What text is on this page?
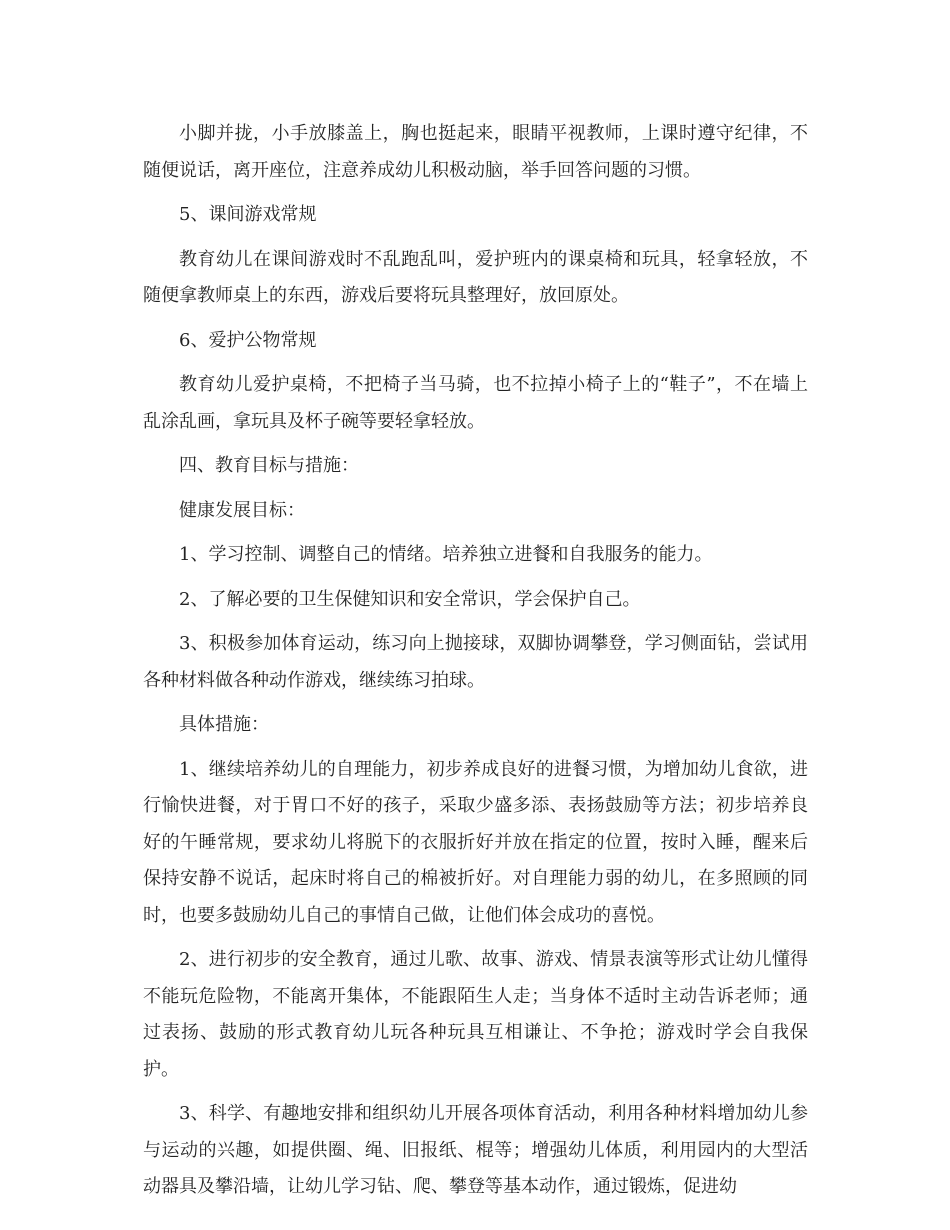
小脚并拢，小手放膝盖上，胸也挺起来，眼睛平视教师，上课时遵守纪律，不随便说话，离开座位，注意养成幼儿积极动脑，举手回答问题的习惯。

5、课间游戏常规

教育幼儿在课间游戏时不乱跑乱叫，爱护班内的课桌椅和玩具，轻拿轻放，不随便拿教师桌上的东西，游戏后要将玩具整理好，放回原处。

6、爱护公物常规

教育幼儿爱护桌椅，不把椅子当马骑，也不拉掉小椅子上的“鞋子”，不在墙上乱涂乱画，拿玩具及杯子碗等要轻拿轻放。

四、教育目标与措施：

健康发展目标：

1、学习控制、调整自己的情绪。培养独立进餐和自我服务的能力。

2、了解必要的卫生保健知识和安全常识，学会保护自己。

3、积极参加体育运动，练习向上抛接球，双脚协调攀登，学习侧面钻，尝试用各种材料做各种动作游戏，继续练习拍球。

具体措施：

1、继续培养幼儿的自理能力，初步养成良好的进餐习惯，为增加幼儿食欲，进行愉快进餐，对于胃口不好的孩子，采取少盛多添、表扬鼓励等方法；初步培养良好的午睡常规，要求幼儿将脱下的衣服折好并放在指定的位置，按时入睡，醒来后保持安静不说话，起床时将自己的棉被折好。对自理能力弱的幼儿，在多照顾的同时，也要多鼓励幼儿自己的事情自己做，让他们体会成功的喜悦。

2、进行初步的安全教育，通过儿歌、故事、游戏、情景表演等形式让幼儿懂得不能玩危险物，不能离开集体，不能跟陌生人走；当身体不适时主动告诉老师；通过表扬、鼓励的形式教育幼儿玩各种玩具互相谦让、不争抢；游戏时学会自我保护。

3、科学、有趣地安排和组织幼儿开展各项体育活动，利用各种材料增加幼儿参与运动的兴趣，如提供圈、绳、旧报纸、棍等；增强幼儿体质，利用园内的大型活动器具及攀沿墙，让幼儿学习钻、爬、攀登等基本动作，通过锻炼，促进幼
